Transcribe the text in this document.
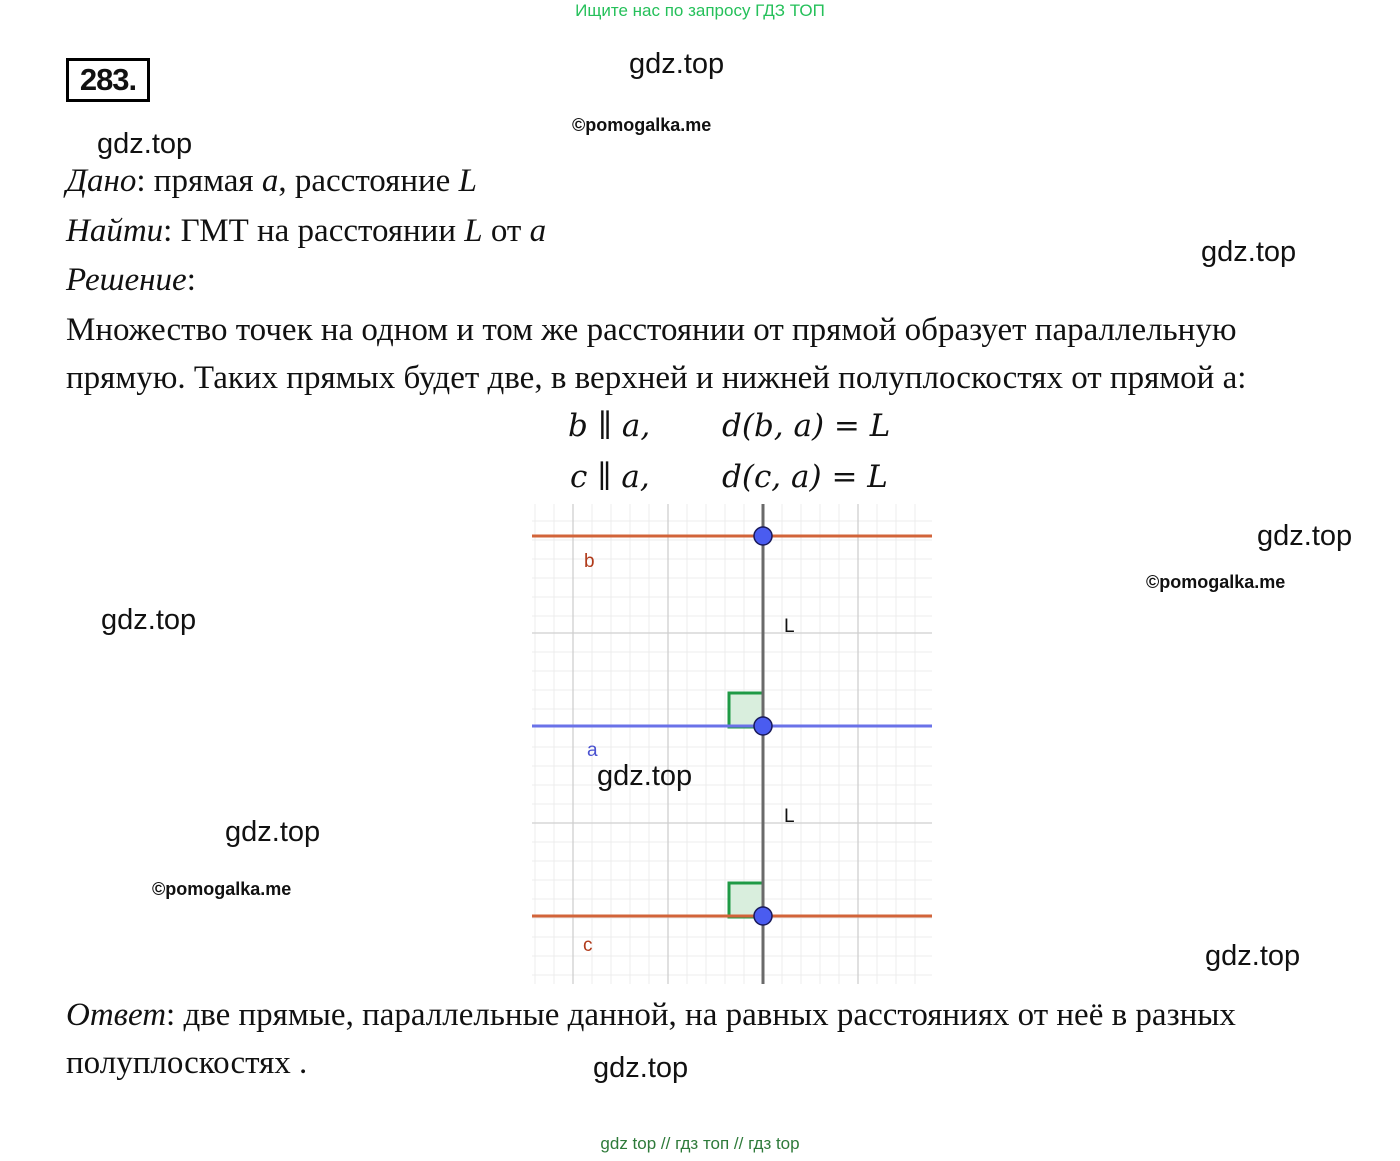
Ищите нас по запросу ГДЗ ТОП
283.	gdz.top
©pomogalka.me
gdz.top
gdz.top
Дано: прямая a, расстояние L
Найти: ГМТ на расстоянии L от a
Решение:
Множество точек на одном и том же расстоянии от прямой образует параллельную
прямую. Таких прямых будет две, в верхней и нижней полуплоскостях от прямой а:
b ∥ a, d(b, a) = L
c ∥ a, d(c, a) = L
b
a
c
L
L
gdz.top
©pomogalka.me
gdz.top
gdz.top
gdz.top
©pomogalka.me
gdz.top
Ответ: две прямые, параллельные данной, на равных расстояниях от неё в разных
полуплоскостях .	gdz.top
gdz top // гдз топ // гдз top
